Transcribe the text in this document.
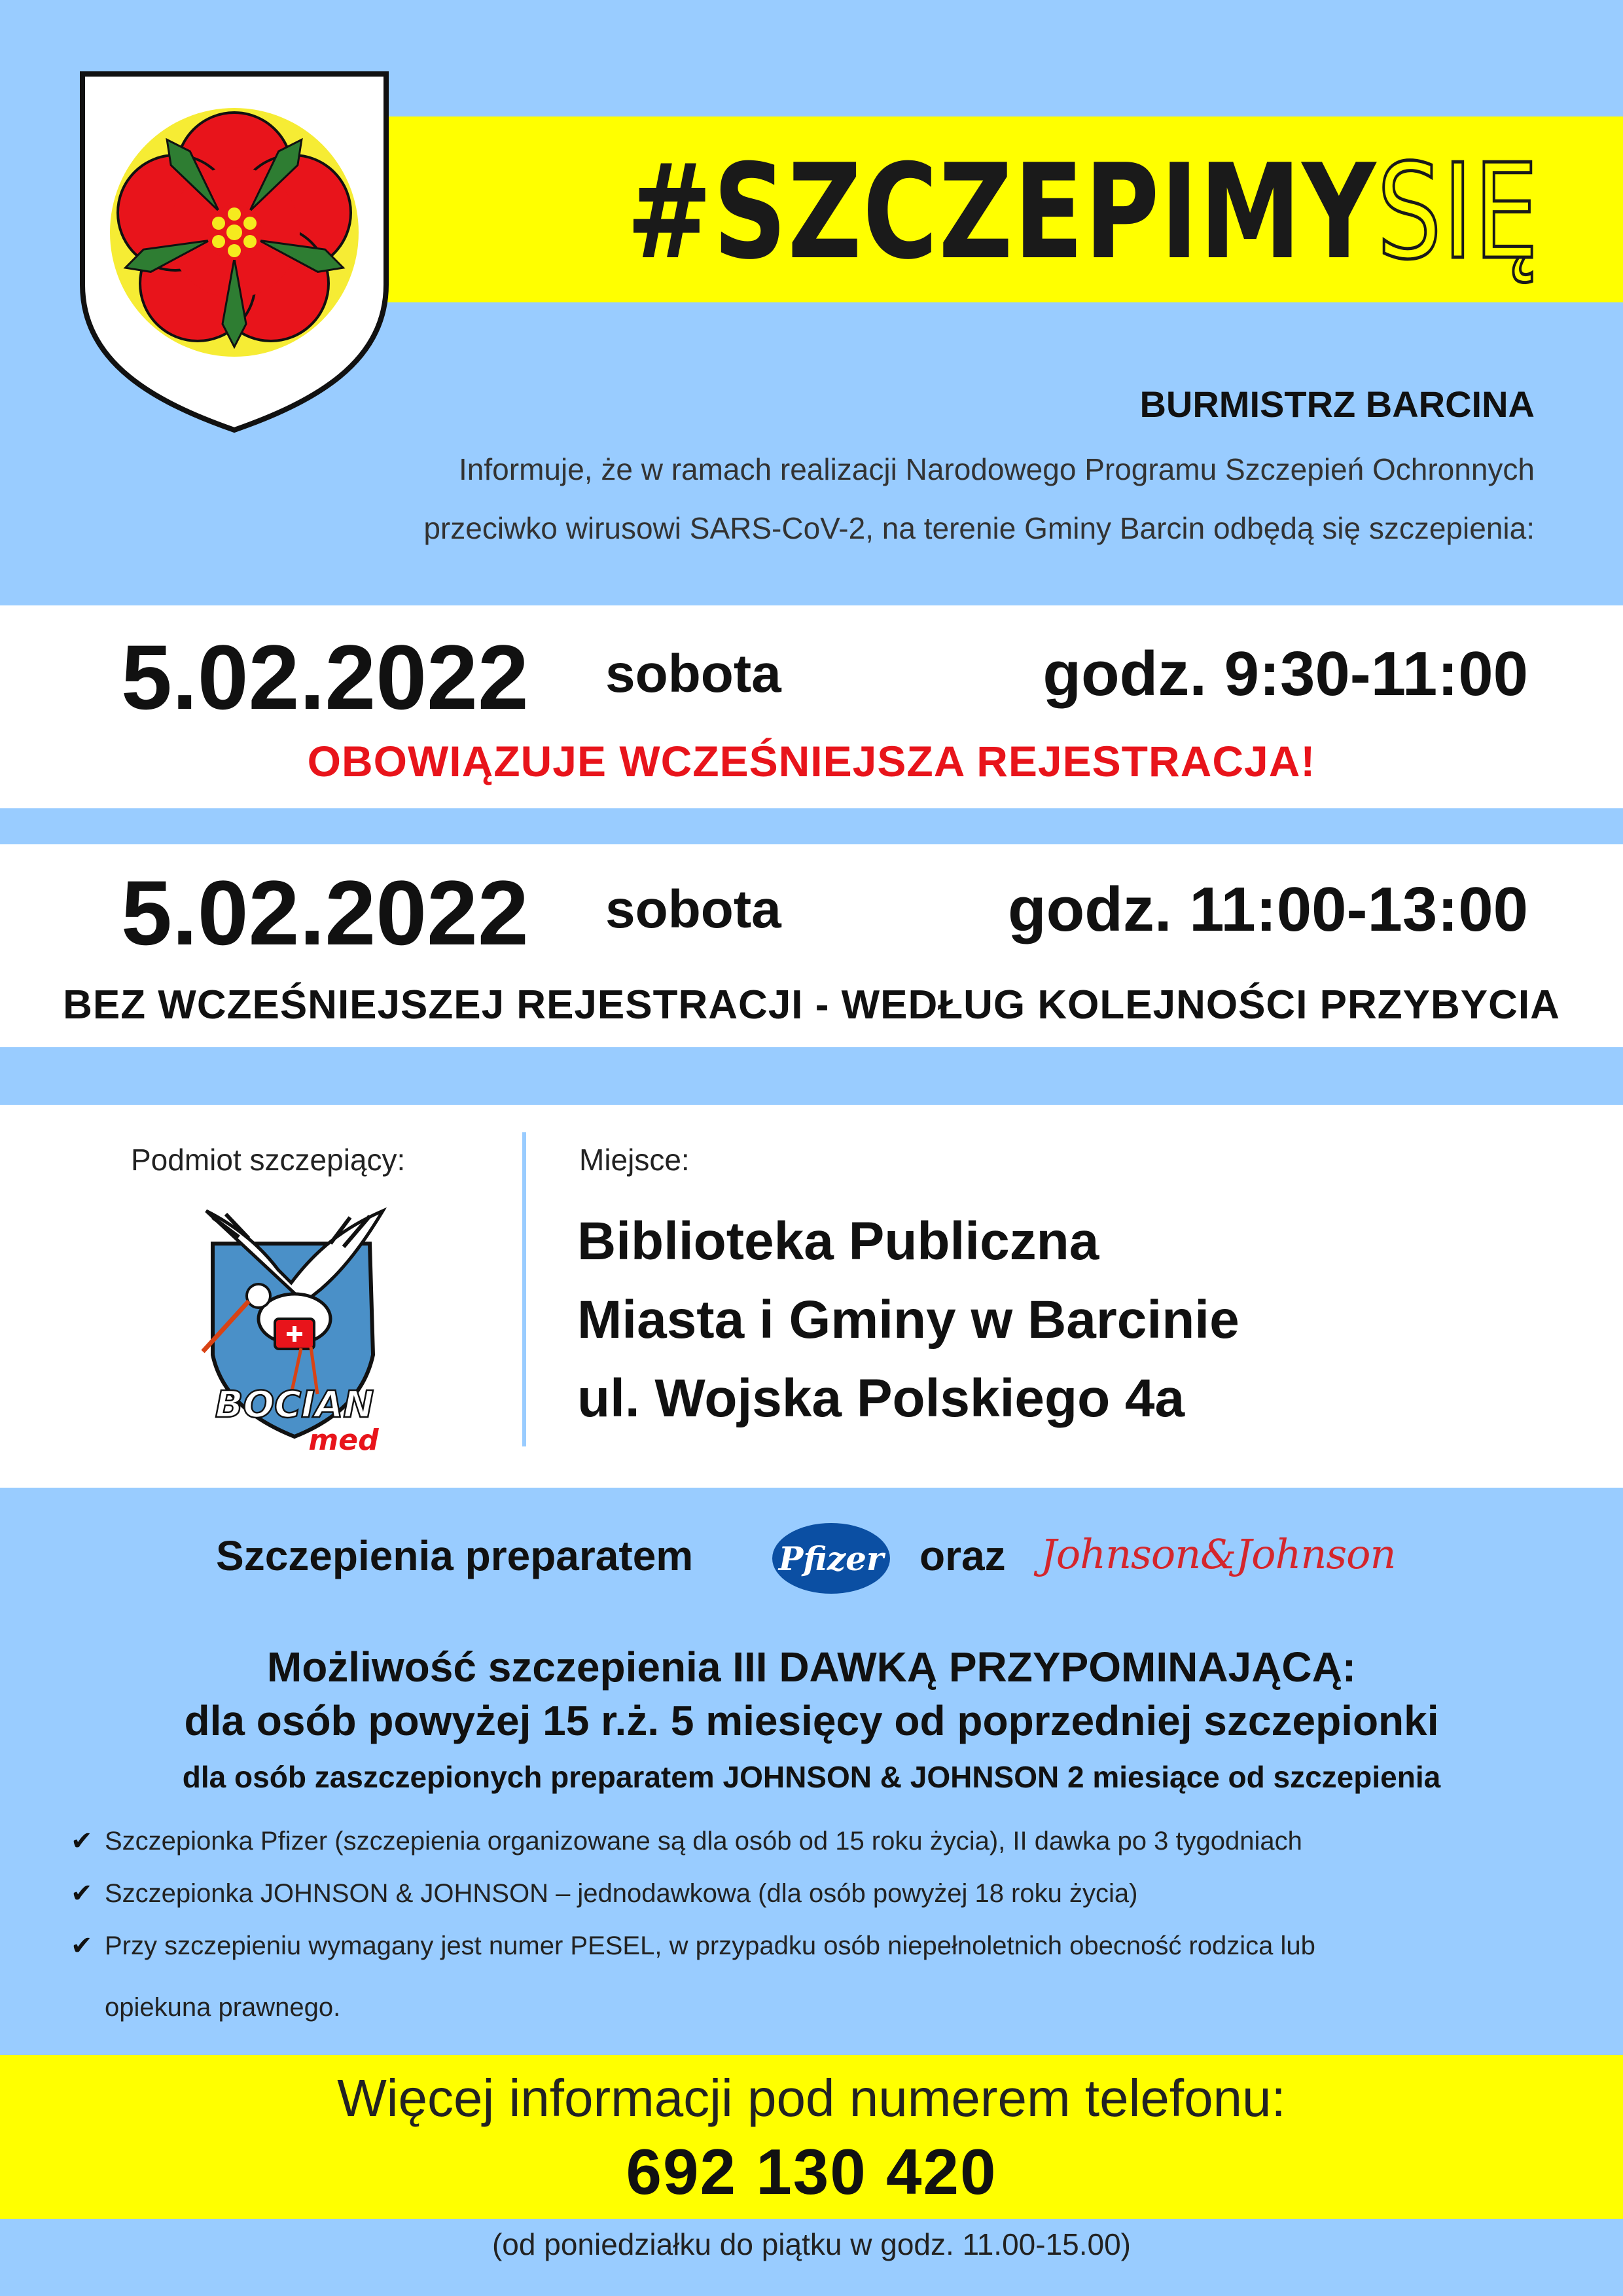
#SZCZEPIMYSIĘ
BURMISTRZ BARCINA
Informuje, że w ramach realizacji Narodowego Programu Szczepień Ochronnych
przeciwko wirusowi SARS-CoV-2, na terenie Gminy Barcin odbędą się szczepienia:
5.02.2022 sobota	godz. 9:30-11:00
OBOWIĄZUJE WCZEŚNIEJSZA REJESTRACJA!
5.02.2022 sobota	godz. 11:00-13:00
BEZ WCZEŚNIEJSZEJ REJESTRACJI - WEDŁUG KOLEJNOŚCI PRZYBYCIA
Podmiot szczepiący:	Miejsce:
Biblioteka Publiczna
Miasta i Gminy w Barcinie
ul. Wojska Polskiego 4a
BOCIAN
med
Szczepienia preparatem	Pfizer oraz Johnson&Johnson
Możliwość szczepienia III DAWKĄ PRZYPOMINAJĄCĄ:
dla osób powyżej 15 r.ż. 5 miesięcy od poprzedniej szczepionki
dla osób zaszczepionych preparatem JOHNSON & JOHNSON 2 miesiące od szczepienia
✔ Szczepionka Pfizer (szczepienia organizowane są dla osób od 15 roku życia), II dawka po 3 tygodniach
✔ Szczepionka JOHNSON & JOHNSON – jednodawkowa (dla osób powyżej 18 roku życia)
✔ Przy szczepieniu wymagany jest numer PESEL, w przypadku osób niepełnoletnich obecność rodzica lub
opiekuna prawnego.
Więcej informacji pod numerem telefonu:
692 130 420
(od poniedziałku do piątku w godz. 11.00-15.00)
